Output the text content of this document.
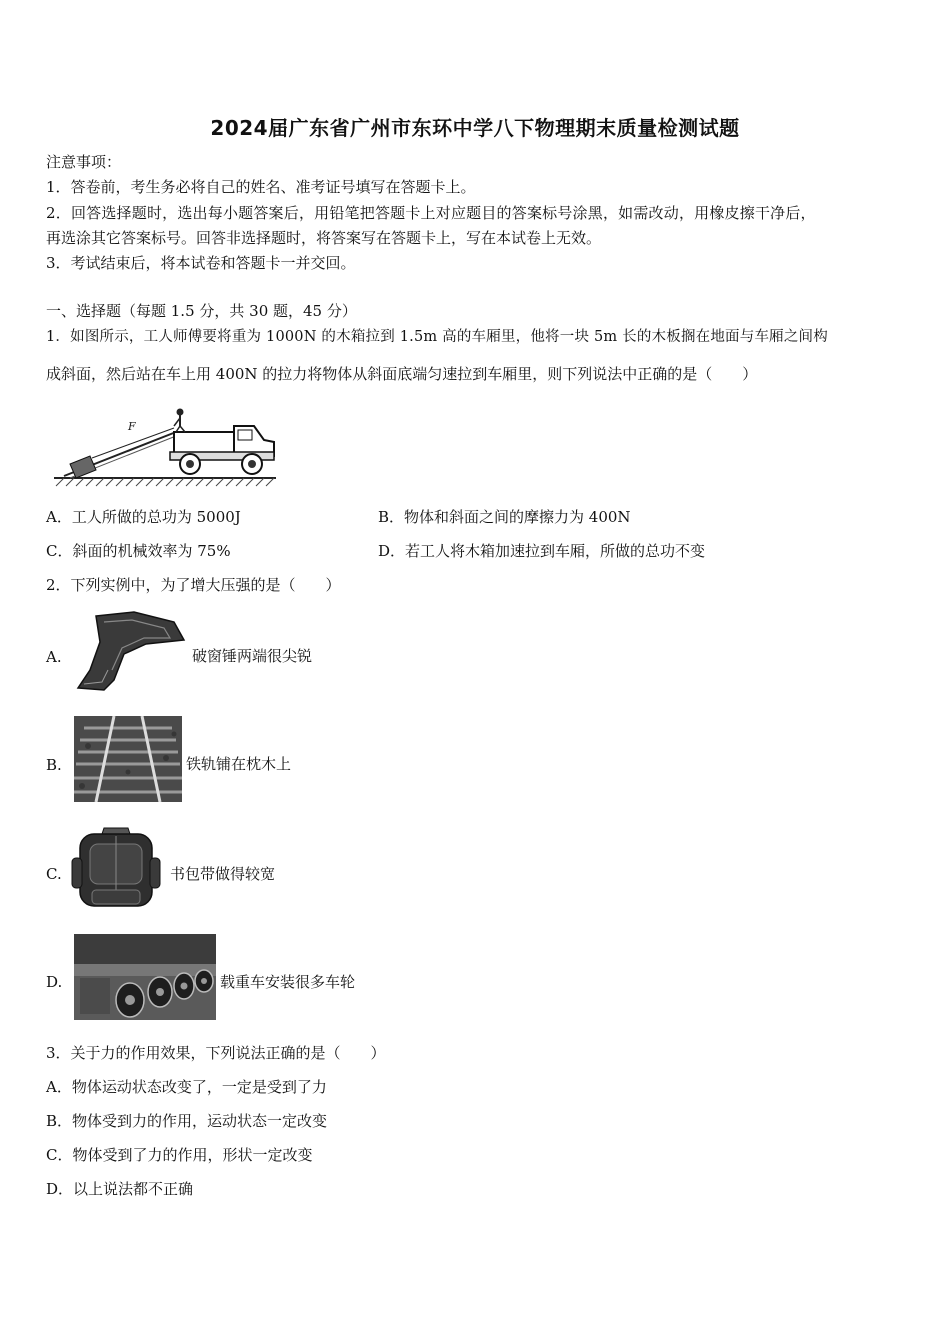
2024届广东省广州市东环中学八下物理期末质量检测试题
注意事项：
1．答卷前，考生务必将自己的姓名、准考证号填写在答题卡上。
2．回答选择题时，选出每小题答案后，用铅笔把答题卡上对应题目的答案标号涂黑，如需改动，用橡皮擦干净后，
再选涂其它答案标号。回答非选择题时，将答案写在答题卡上，写在本试卷上无效。
3．考试结束后，将本试卷和答题卡一并交回。
一、选择题（每题 1.5 分，共 30 题，45 分）
1．如图所示，工人师傅要将重为 1000N 的木箱拉到 1.5m 高的车厢里，他将一块 5m 长的木板搁在地面与车厢之间构
成斜面，然后站在车上用 400N 的拉力将物体从斜面底端匀速拉到车厢里，则下列说法中正确的是（　　）
F
A．工人所做的总功为 5000J	B．物体和斜面之间的摩擦力为 400N
C．斜面的机械效率为 75%	D．若工人将木箱加速拉到车厢，所做的总功不变
2．下列实例中，为了增大压强的是（　　）
A.	破窗锤两端很尖锐
B.	铁轨铺在枕木上
C.	书包带做得较宽
D.	载重车安装很多车轮
3．关于力的作用效果，下列说法正确的是（　　）
A．物体运动状态改变了，一定是受到了力
B．物体受到力的作用，运动状态一定改变
C．物体受到了力的作用，形状一定改变
D．以上说法都不正确
